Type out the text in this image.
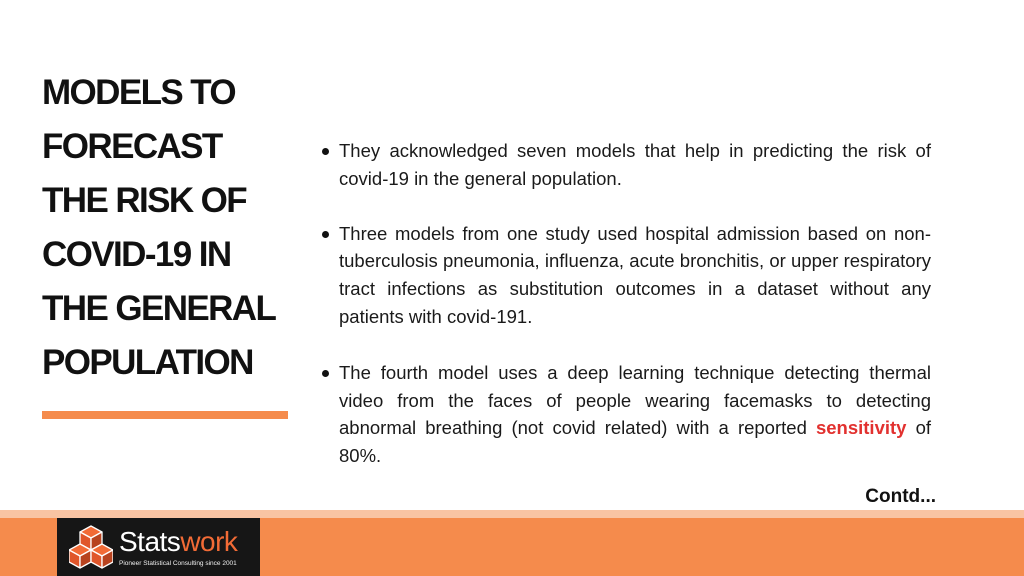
MODELS TO
FORECAST
THE RISK OF
COVID-19 IN
THE GENERAL
POPULATION
They acknowledged seven models that help in predicting the risk of covid-19 in the general population.
Three models from one study used hospital admission based on non-tuberculosis pneumonia, influenza, acute bronchitis, or upper respiratory tract infections as substitution outcomes in a dataset without any patients with covid-191.
The fourth model uses a deep learning technique detecting thermal video from the faces of people wearing facemasks to detecting abnormal breathing (not covid related) with a reported sensitivity of 80%.
Contd...
Statswork
Pioneer Statistical Consulting since 2001
